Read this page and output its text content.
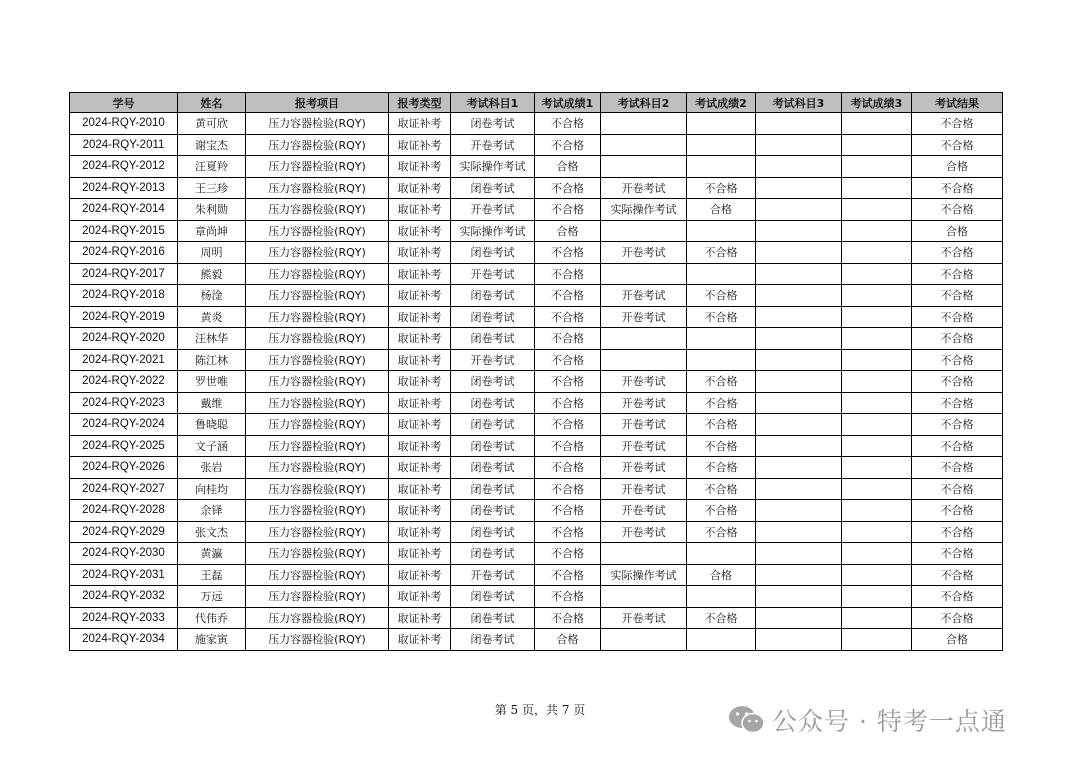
学号	姓名	报考项目	报考类型	考试科目1	考试成绩1	考试科目2	考试成绩2	考试科目3	考试成绩3	考试结果
2024-RQY-2010	黄可欣	压力容器检验(RQY)	取证补考	闭卷考试	不合格					不合格
2024-RQY-2011	谢宝杰	压力容器检验(RQY)	取证补考	开卷考试	不合格					不合格
2024-RQY-2012	汪夏羚	压力容器检验(RQY)	取证补考	实际操作考试	合格					合格
2024-RQY-2013	王三珍	压力容器检验(RQY)	取证补考	闭卷考试	不合格	开卷考试	不合格			不合格
2024-RQY-2014	朱利勋	压力容器检验(RQY)	取证补考	开卷考试	不合格	实际操作考试	合格			不合格
2024-RQY-2015	章尚坤	压力容器检验(RQY)	取证补考	实际操作考试	合格					合格
2024-RQY-2016	周明	压力容器检验(RQY)	取证补考	闭卷考试	不合格	开卷考试	不合格			不合格
2024-RQY-2017	熊毅	压力容器检验(RQY)	取证补考	开卷考试	不合格					不合格
2024-RQY-2018	杨淦	压力容器检验(RQY)	取证补考	闭卷考试	不合格	开卷考试	不合格			不合格
2024-RQY-2019	黄炎	压力容器检验(RQY)	取证补考	闭卷考试	不合格	开卷考试	不合格			不合格
2024-RQY-2020	汪林华	压力容器检验(RQY)	取证补考	闭卷考试	不合格					不合格
2024-RQY-2021	陈江林	压力容器检验(RQY)	取证补考	开卷考试	不合格					不合格
2024-RQY-2022	罗世唯	压力容器检验(RQY)	取证补考	闭卷考试	不合格	开卷考试	不合格			不合格
2024-RQY-2023	戴维	压力容器检验(RQY)	取证补考	闭卷考试	不合格	开卷考试	不合格			不合格
2024-RQY-2024	鲁晓聪	压力容器检验(RQY)	取证补考	闭卷考试	不合格	开卷考试	不合格			不合格
2024-RQY-2025	文子涵	压力容器检验(RQY)	取证补考	闭卷考试	不合格	开卷考试	不合格			不合格
2024-RQY-2026	张岩	压力容器检验(RQY)	取证补考	闭卷考试	不合格	开卷考试	不合格			不合格
2024-RQY-2027	向桂均	压力容器检验(RQY)	取证补考	闭卷考试	不合格	开卷考试	不合格			不合格
2024-RQY-2028	余铎	压力容器检验(RQY)	取证补考	闭卷考试	不合格	开卷考试	不合格			不合格
2024-RQY-2029	张文杰	压力容器检验(RQY)	取证补考	闭卷考试	不合格	开卷考试	不合格			不合格
2024-RQY-2030	黄瀛	压力容器检验(RQY)	取证补考	闭卷考试	不合格					不合格
2024-RQY-2031	王磊	压力容器检验(RQY)	取证补考	开卷考试	不合格	实际操作考试	合格			不合格
2024-RQY-2032	万远	压力容器检验(RQY)	取证补考	闭卷考试	不合格					不合格
2024-RQY-2033	代伟乔	压力容器检验(RQY)	取证补考	闭卷考试	不合格	开卷考试	不合格			不合格
2024-RQY-2034	施家寅	压力容器检验(RQY)	取证补考	闭卷考试	合格					合格
第 5 页，共 7 页	公众号 · 特考一点通
